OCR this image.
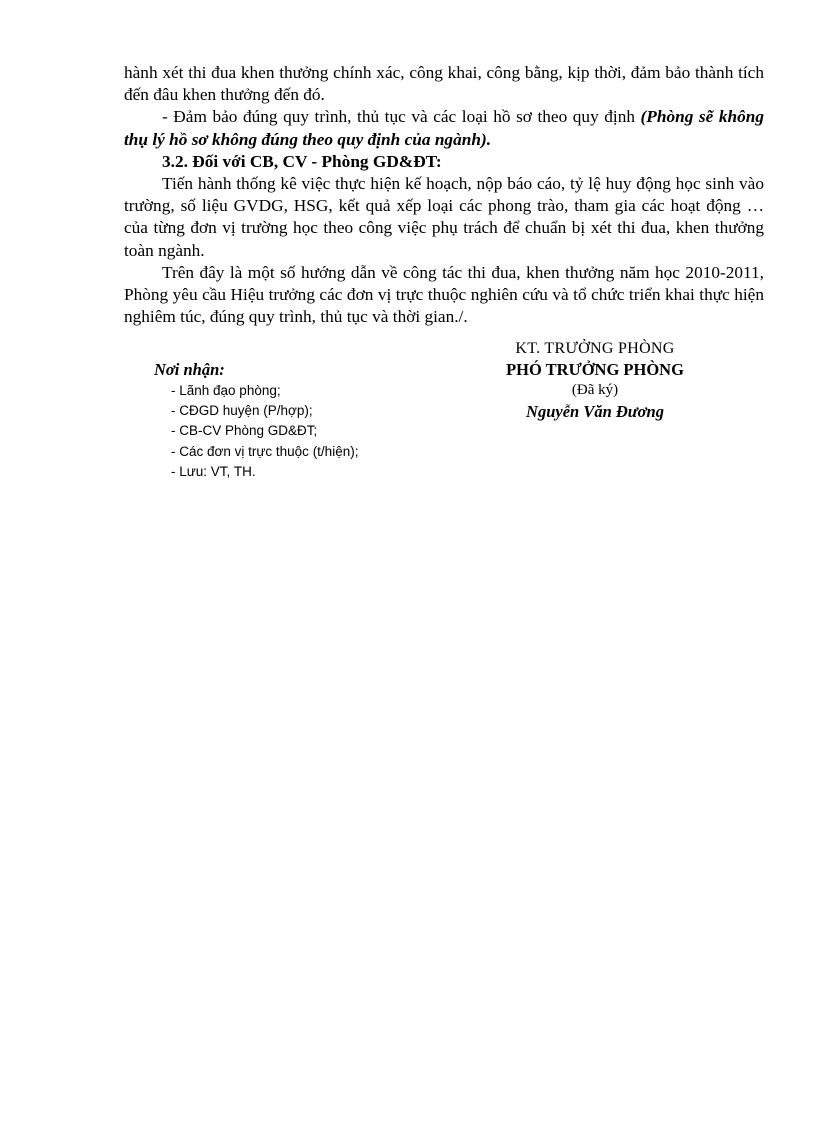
hành xét thi đua khen thưởng chính xác, công khai, công bằng, kịp thời, đảm bảo thành tích đến đâu khen thưởng đến đó.

- Đảm bảo đúng quy trình, thủ tục và các loại hồ sơ theo quy định (Phòng sẽ không thụ lý hồ sơ không đúng theo quy định của ngành).

3.2. Đối với CB, CV - Phòng GD&ĐT:

Tiến hành thống kê việc thực hiện kế hoạch, nộp báo cáo, tỷ lệ huy động học sinh vào trường, số liệu GVDG, HSG, kết quả xếp loại các phong trào, tham gia các hoạt động … của từng đơn vị trường học theo công việc phụ trách để chuẩn bị xét thi đua, khen thưởng toàn ngành.

Trên đây là một số hướng dẫn về công tác thi đua, khen thưởng năm học 2010-2011, Phòng yêu cầu Hiệu trưởng các đơn vị trực thuộc nghiên cứu và tổ chức triển khai thực hiện nghiêm túc, đúng quy trình, thủ tục và thời gian./.

Nơi nhận:

- Lãnh đạo phòng;
- CĐGD huyện (P/hợp);
- CB-CV Phòng GD&ĐT;
- Các đơn vị trực thuộc (t/hiện);
- Lưu: VT, TH.
KT. TRƯỞNG PHÒNG
PHÓ TRƯỞNG PHÒNG
(Đã ký)
Nguyễn Văn Đương
